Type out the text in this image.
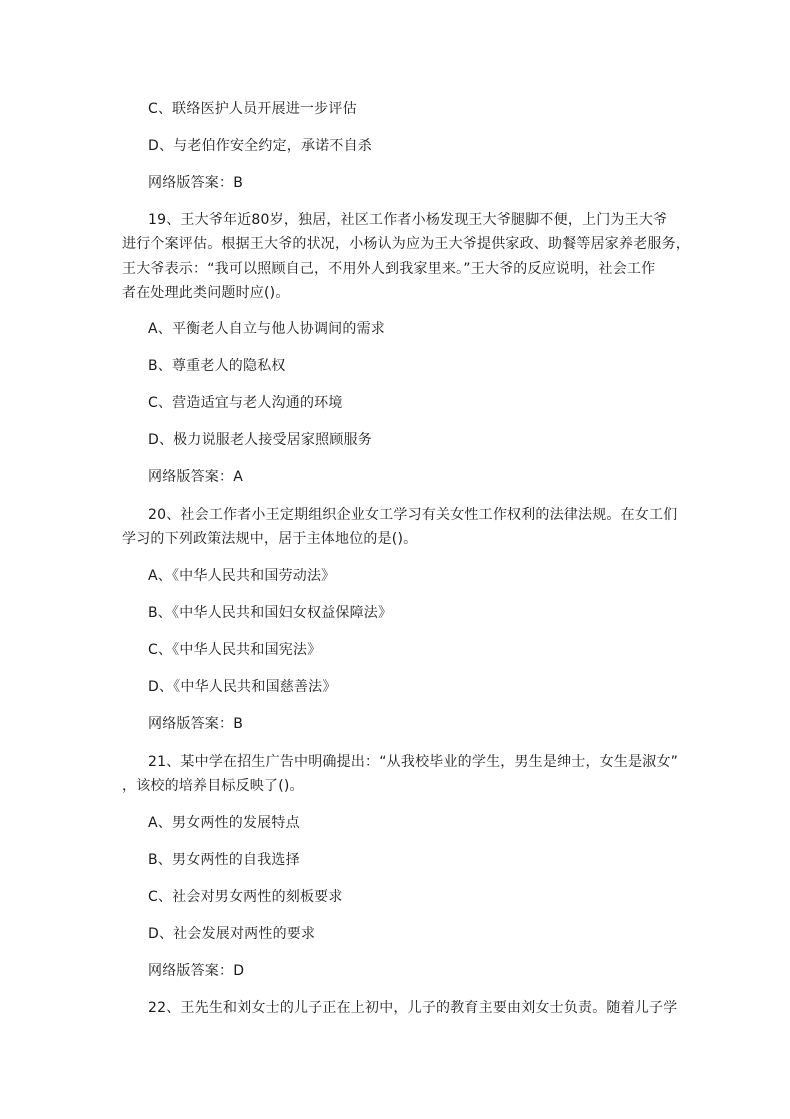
C、联络医护人员开展进一步评估
D、与老伯作安全约定，承诺不自杀
网络版答案：B
19、王大爷年近80岁，独居，社区工作者小杨发现王大爷腿脚不便，上门为王大爷
进行个案评估。根据王大爷的状况，小杨认为应为王大爷提供家政、助餐等居家养老服务，
王大爷表示：“我可以照顾自己，不用外人到我家里来。”王大爷的反应说明，社会工作
者在处理此类问题时应()。
A、平衡老人自立与他人协调间的需求
B、尊重老人的隐私权
C、营造适宜与老人沟通的环境
D、极力说服老人接受居家照顾服务
网络版答案：A
20、社会工作者小王定期组织企业女工学习有关女性工作权利的法律法规。在女工们
学习的下列政策法规中，居于主体地位的是()。
A、《中华人民共和国劳动法》
B、《中华人民共和国妇女权益保障法》
C、《中华人民共和国宪法》
D、《中华人民共和国慈善法》
网络版答案：B
21、某中学在招生广告中明确提出：“从我校毕业的学生，男生是绅士，女生是淑女”
，该校的培养目标反映了()。
A、男女两性的发展特点
B、男女两性的自我选择
C、社会对男女两性的刻板要求
D、社会发展对两性的要求
网络版答案：D
22、王先生和刘女士的儿子正在上初中，儿子的教育主要由刘女士负责。随着儿子学
